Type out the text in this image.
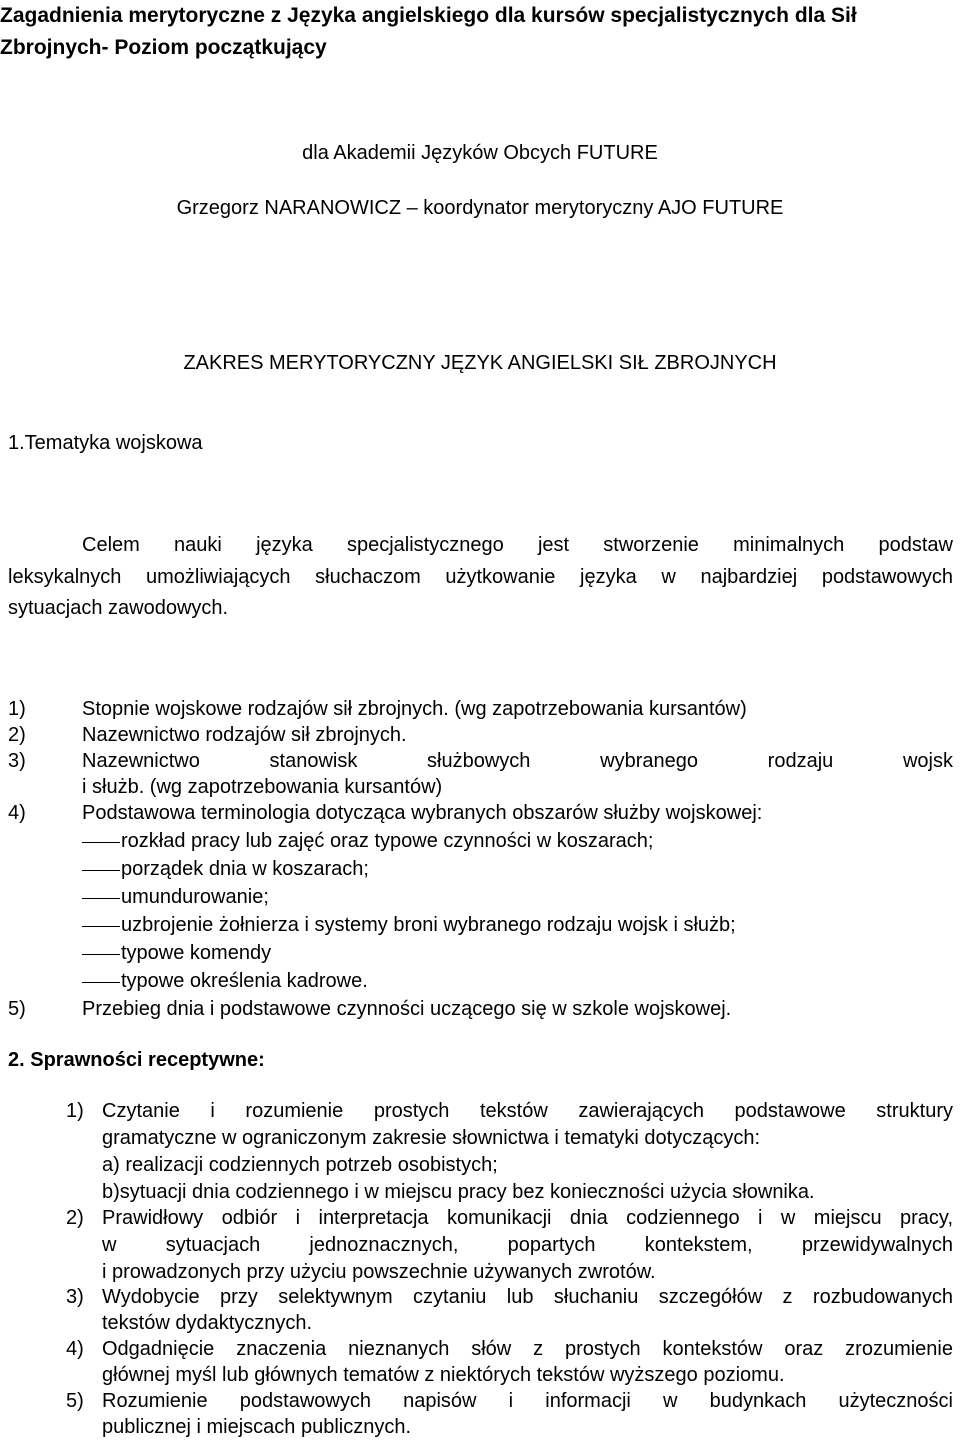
Zagadnienia merytoryczne z Języka angielskiego dla kursów specjalistycznych dla Sił Zbrojnych- Poziom początkujący
dla Akademii Języków Obcych FUTURE
Grzegorz NARANOWICZ – koordynator merytoryczny AJO FUTURE
ZAKRES MERYTORYCZNY JĘZYK ANGIELSKI SIŁ ZBROJNYCH
1.Tematyka wojskowa
Celem nauki języka specjalistycznego jest stworzenie minimalnych podstaw
leksykalnych umożliwiających słuchaczom użytkowanie języka w najbardziej podstawowych
sytuacjach zawodowych.
1)	Stopnie wojskowe rodzajów sił zbrojnych. (wg zapotrzebowania kursantów)
2)	Nazewnictwo rodzajów sił zbrojnych.
3)	Nazewnictwo stanowisk służbowych wybranego rodzaju wojsk
i służb. (wg zapotrzebowania kursantów)
4)	Podstawowa terminologia dotycząca wybranych obszarów służby wojskowej:
rozkład pracy lub zajęć oraz typowe czynności w koszarach;
porządek dnia w koszarach;
umundurowanie;
uzbrojenie żołnierza i systemy broni wybranego rodzaju wojsk i służb;
typowe komendy
typowe określenia kadrowe.
5)	Przebieg dnia i podstawowe czynności uczącego się w szkole wojskowej.
2. Sprawności receptywne:
1) Czytanie i rozumienie prostych tekstów zawierających podstawowe struktury
gramatyczne w ograniczonym zakresie słownictwa i tematyki dotyczących:
a) realizacji codziennych potrzeb osobistych;
b)sytuacji dnia codziennego i w miejscu pracy bez konieczności użycia słownika.
2) Prawidłowy odbiór i interpretacja komunikacji dnia codziennego i w miejscu pracy,
w sytuacjach jednoznacznych, popartych kontekstem, przewidywalnych
i prowadzonych przy użyciu powszechnie używanych zwrotów.
3) Wydobycie przy selektywnym czytaniu lub słuchaniu szczegółów z rozbudowanych
tekstów dydaktycznych.
4) Odgadnięcie znaczenia nieznanych słów z prostych kontekstów oraz zrozumienie
głównej myśl lub głównych tematów z niektórych tekstów wyższego poziomu.
5) Rozumienie podstawowych napisów i informacji w budynkach użyteczności
publicznej i miejscach publicznych.
